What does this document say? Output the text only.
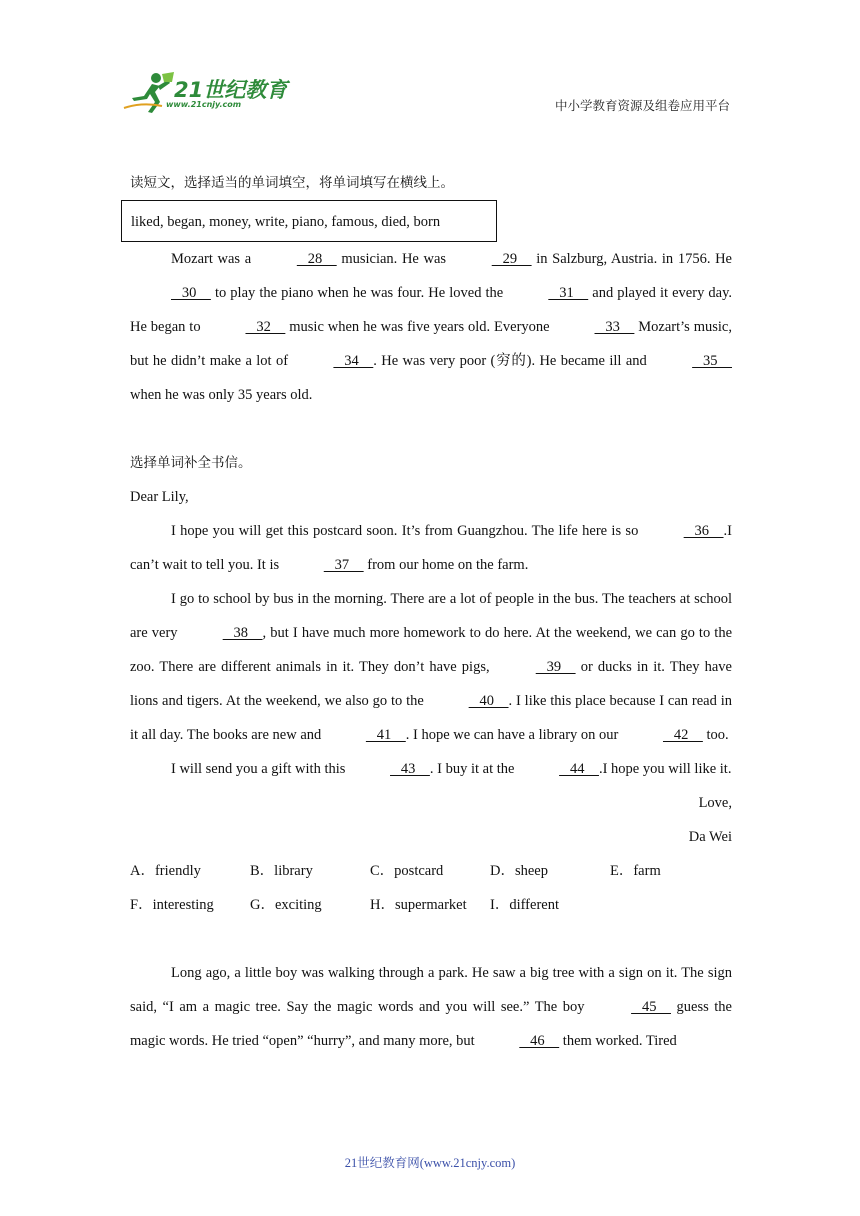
21世纪教育
www.21cnjy.com	中小学教育资源及组卷应用平台

读短文，选择适当的单词填空，将单词填写在横线上。

liked, began, money, write, piano, famous, died, born

Mozart was a	28     musician. He was	29     in Salzburg, Austria. in 1756. He    30     to play the piano when he was four. He loved the	31     and played it every day. He began to	32     music when he was five years old. Everyone	33     Mozart’s music, but he didn’t make a lot of	34    . He was very poor (穷的). He became ill and	35     when he was only 35 years old.

选择单词补全书信。

Dear Lily,

I hope you will get this postcard soon. It’s from Guangzhou. The life here is so	36    .I can’t wait to tell you. It is	37     from our home on the farm.

I go to school by bus in the morning. There are a lot of people in the bus. The teachers at school are very	38    , but I have much more homework to do here. At the weekend, we can go to the zoo. There are different animals in it. They don’t have pigs,	39     or ducks in it. They have lions and tigers. At the weekend, we also go to the	40    . I like this place because I can read in it all day. The books are new and	41    . I hope we can have a library on our	42     too.

I will send you a gift with this	43    . I buy it at the	44    .I hope you will like it.

Love,

Da Wei

A．friendly	B．library	C．postcard	D．sheep	E．farm
F．interesting	G．exciting	H．supermarket	I．different

Long ago, a little boy was walking through a park. He saw a big tree with a sign on it. The sign said, “I am a magic tree. Say the magic words and you will see.” The boy	45     guess the magic words. He tried “open” “hurry”, and many more, but	46     them worked. Tired

21世纪教育网(www.21cnjy.com)
